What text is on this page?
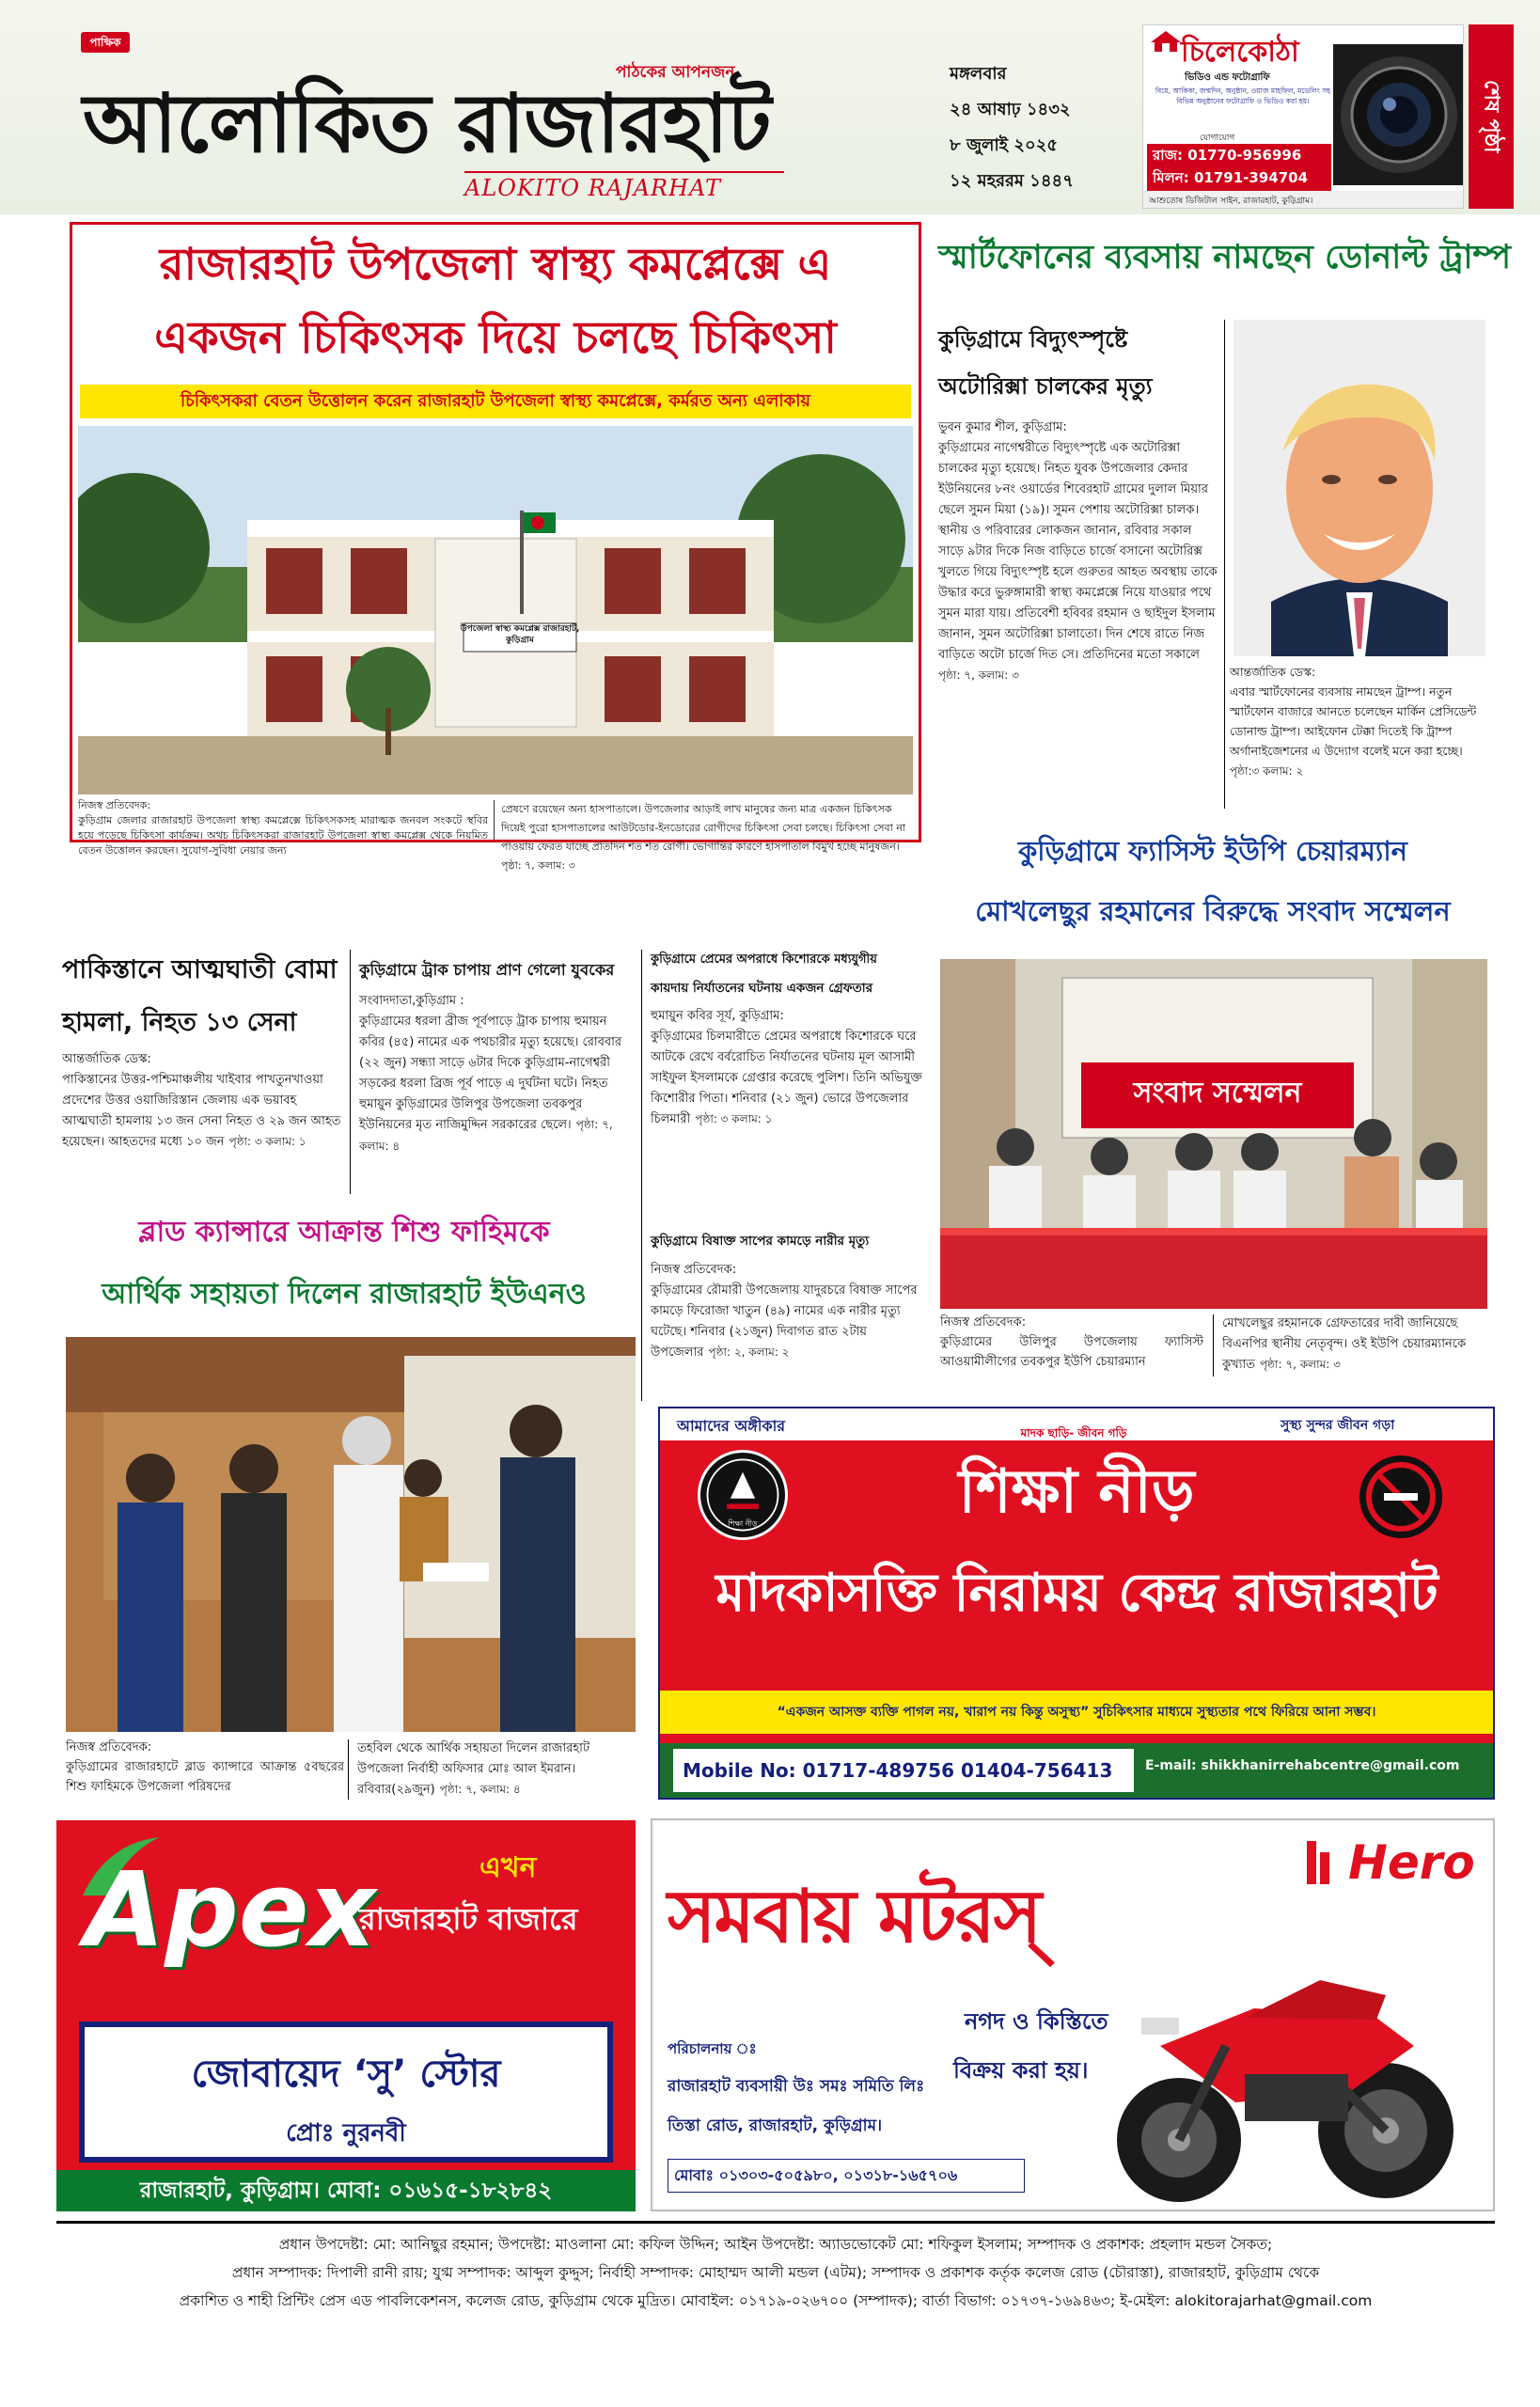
পাক্ষিক
পাঠকের আপনজন
আলোকিত রাজারহাট
ALOKITO RAJARHAT
মঙ্গলবার
২৪ আষাঢ় ১৪৩২
৮ জুলাই ২০২৫
১২ মহররম ১৪৪৭
চিলেকোঠা
ভিডিও এন্ড ফটোগ্রাফি
বিয়ে, আকিকা, জন্মদিন, অনুষ্ঠান, ওয়াজ মাহফিল, মডেলিং সহ বিভিন্ন অনুষ্ঠানের ফটোগ্রাফি ও ভিডিও করা হয়।
যোগাযোগ
রাজ: 01770-956996
মিলন: 01791-394704
আশুতোষ ডিজিটাল সাইন, রাজারহাট, কুড়িগ্রাম।
শেষ পৃষ্ঠা
রাজারহাট উপজেলা স্বাস্থ্য কমপ্লেক্সে এ
একজন চিকিৎসক দিয়ে চলছে চিকিৎসা
চিকিৎসকরা বেতন উত্তোলন করেন রাজারহাট উপজেলা স্বাস্থ্য কমপ্লেক্সে, কর্মরত অন্য এলাকায়
উপজেলা স্বাস্থ্য কমপ্লেক্স রাজারহাট, কুড়িগ্রাম
নিজস্ব প্রতিবেদক:
কুড়িগ্রাম জেলার রাজারহাট উপজেলা স্বাস্থ্য কমপ্লেক্সে চিকিৎসকসহ মারাত্মক জনবল সংকটে স্থবির হয়ে পড়েছে চিকিৎসা কার্যক্রম। অথচ চিকিৎসকরা রাজারহাট উপজেলা স্বাস্থ্য কমপ্লেক্স থেকে নিয়মিত বেতন উত্তোলন করছেন। সুযোগ-সুবিধা নেয়ার জন্য
প্রেষণে রয়েছেন অন্য হাসপাতালে। উপজেলার আড়াই লাখ মানুষের জন্য মাত্র একজন চিকিৎসক দিয়েই পুরো হাসপাতালের আউটডোর-ইনডোরের রোগীদের চিকিৎসা সেবা চলছে। চিকিৎসা সেবা না পাওয়ায় ফেরত যাচ্ছে প্রতিদিন শত শত রোগী। ভোগান্তির কারণে হাসপাতাল বিমুখ হচ্ছে মানুষজন। পৃষ্ঠা: ৭, কলাম: ৩
স্মার্টফোনের ব্যবসায় নামছেন ডোনাল্ট ট্রাম্প
আন্তর্জাতিক ডেস্ক:
এবার স্মার্টফোনের ব্যবসায় নামছেন ট্রাম্প। নতুন স্মার্টফোন বাজারে আনতে চলেছেন মার্কিন প্রেসিডেন্ট ডোনাল্ড ট্রাম্প। আইফোন টেক্কা দিতেই কি ট্রাম্প অর্গানাইজেশনের এ উদ্যোগ বলেই মনে করা হচ্ছে। পৃষ্ঠা:৩ কলাম: ২
কুড়িগ্রামে বিদ্যুৎস্পৃষ্টে
অটোরিক্সা চালকের মৃত্যু
ভুবন কুমার শীল, কুড়িগ্রাম:
কুড়িগ্রামের নাগেশ্বরীতে বিদ্যুৎস্পৃষ্টে এক অটোরিক্সা চালকের মৃত্যু হয়েছে। নিহত যুবক উপজেলার কেদার ইউনিয়নের ৮নং ওয়ার্ডের শিবেরহাট গ্রামের দুলাল মিয়ার ছেলে সুমন মিয়া (১৯)। সুমন পেশায় অটোরিক্সা চালক। স্থানীয় ও পরিবারের লোকজন জানান, রবিবার সকাল সাড়ে ৯টার দিকে নিজ বাড়িতে চার্জে বসানো অটোরিক্স খুলতে গিয়ে বিদ্যুৎস্পৃষ্ট হলে গুরুতর আহত অবস্থায় তাকে উদ্ধার করে ভুরুঙ্গামারী স্বাস্থ্য কমপ্লেক্সে নিয়ে যাওয়ার পথে সুমন মারা যায়। প্রতিবেশী হবিবর রহমান ও ছাইদুল ইসলাম জানান, সুমন অটোরিক্সা চালাতো। দিন শেষে রাতে নিজ বাড়িতে অটো চার্জে দিত সে। প্রতিদিনের মতো সকালে পৃষ্ঠা: ৭, কলাম: ৩
কুড়িগ্রামে ফ্যাসিস্ট ইউপি চেয়ারম্যান
মোখলেছুর রহমানের বিরুদ্ধে সংবাদ সম্মেলন
সংবাদ সম্মেলন
নিজস্ব প্রতিবেদক:
কুড়িগ্রামের উলিপুর উপজেলায় ফ্যাসিস্ট আওয়ামীলীগের তবকপুর ইউপি চেয়ারম্যান
মোখলেছুর রহমানকে গ্রেফতারের দাবী জানিয়েছে বিএনপির স্থানীয় নেতৃবৃন্দ। ওই ইউপি চেয়ারম্যানকে কুখ্যাত পৃষ্ঠা: ৭, কলাম: ৩
পাকিস্তানে আত্মঘাতী বোমা
হামলা, নিহত ১৩ সেনা
আন্তর্জাতিক ডেস্ক:
পাকিস্তানের উত্তর-পশ্চিমাঞ্চলীয় খাইবার পাখতুনখাওয়া প্রদেশের উত্তর ওয়াজিরিস্তান জেলায় এক ভয়াবহ আত্মঘাতী হামলায় ১৩ জন সেনা নিহত ও ২৯ জন আহত হয়েছেন। আহতদের মধ্যে ১০ জন পৃষ্ঠা: ৩ কলাম: ১
কুড়িগ্রামে ট্রাক চাপায় প্রাণ গেলো যুবকের
সংবাদদাতা,কুড়িগ্রাম :
কুড়িগ্রামের ধরলা ব্রীজ পূর্বপাড়ে ট্রাক চাপায় হুমায়ন কবির (৪৫) নামের এক পথচারীর মৃত্যু হয়েছে। রোববার (২২ জুন) সন্ধ্যা সাড়ে ৬টার দিকে কুড়িগ্রাম-নাগেশ্বরী সড়কের ধরলা ব্রিজ পূর্ব পাড়ে এ দুর্ঘটনা ঘটে। নিহত হুমায়ুন কুড়িগ্রামের উলিপুর উপজেলা তবকপুর ইউনিয়নের মৃত নাজিমুদ্দিন সরকারের ছেলে। পৃষ্ঠা: ৭, কলাম: ৪
কুড়িগ্রামে প্রেমের অপরাধে কিশোরকে মধ্যযুগীয়
কায়দায় নির্যাতনের ঘটনায় একজন গ্রেফতার
হুমায়ুন কবির সূর্য, কুড়িগ্রাম:
কুড়িগ্রামের চিলমারীতে প্রেমের অপরাধে কিশোরকে ঘরে আটকে রেখে বর্বরোচিত নির্যাতনের ঘটনায় মূল আসামী সাইফুল ইসলামকে গ্রেপ্তার করেছে পুলিশ। তিনি অভিযুক্ত কিশোরীর পিতা। শনিবার (২১ জুন) ভোরে উপজেলার চিলমারী পৃষ্ঠা: ৩ কলাম: ১
কুড়িগ্রামে বিষাক্ত সাপের কামড়ে নারীর মৃত্যু
নিজস্ব প্রতিবেদক:
কুড়িগ্রামের রৌমারী উপজেলায় যাদুরচরে বিষাক্ত সাপের কামড়ে ফিরোজা খাতুন (৪৯) নামের এক নারীর মৃত্যু ঘটেছে। শনিবার (২১জুন) দিবাগত রাত ২টায় উপজেলার পৃষ্ঠা: ২, কলাম: ২
ব্লাড ক্যান্সারে আক্রান্ত শিশু ফাহিমকে
আর্থিক সহায়তা দিলেন রাজারহাট ইউএনও
নিজস্ব প্রতিবেদক:
কুড়িগ্রামের রাজারহাটে ব্লাড ক্যান্সারে আক্রান্ত ৫বছরের শিশু ফাহিমকে উপজেলা পরিষদের
তহবিল থেকে আর্থিক সহায়তা দিলেন রাজারহাট উপজেলা নির্বাহী অফিসার মোঃ আল ইমরান। রবিবার(২৯জুন) পৃষ্ঠা: ৭, কলাম: ৪
আমাদের অঙ্গীকার	মাদক ছাড়ি- জীবন গড়ি	সুস্থ্য সুন্দর জীবন গড়া
শিক্ষা নীড়	শিক্ষা নীড়
মাদকাসক্তি নিরাময় কেন্দ্র রাজারহাট
“একজন আসক্ত ব্যক্তি পাগল নয়, খারাপ নয় কিন্তু অসুস্থ্য” সুচিকিৎসার মাধ্যমে সুস্থ্যতার পথে ফিরিয়ে আনা সম্ভব।
Mobile No: 01717-489756 01404-756413	E-mail: shikkhanirrehabcentre@gmail.com
Apex	এখন
রাজারহাট বাজারে
জোবায়েদ ‘সু’ স্টোর
প্রোঃ নুরনবী
রাজারহাট, কুড়িগ্রাম। মোবা: ০১৬১৫-১৮২৮৪২
সমবায় মটরস্
Hero
নগদ ও কিস্তিতে
বিক্রয় করা হয়।
পরিচালনায় ঃ
রাজারহাট ব্যবসায়ী উঃ সমঃ সমিতি লিঃ
তিস্তা রোড, রাজারহাট, কুড়িগ্রাম।
মোবাঃ ০১৩০৩-৫০৫৯৮০, ০১৩১৮-১৬৫৭০৬
প্রধান উপদেষ্টা: মো: আনিছুর রহমান; উপদেষ্টা: মাওলানা মো: কফিল উদ্দিন; আইন উপদেষ্টা: অ্যাডভোকেট মো: শফিকুল ইসলাম; সম্পাদক ও প্রকাশক: প্রহলাদ মন্ডল সৈকত;
প্রধান সম্পাদক: দিপালী রানী রায়; যুগ্ম সম্পাদক: আব্দুল কুদ্দুস; নির্বাহী সম্পাদক: মোহাম্মদ আলী মন্ডল (এটম); সম্পাদক ও প্রকাশক কর্তৃক কলেজ রোড (চৌরাস্তা), রাজারহাট, কুড়িগ্রাম থেকে
প্রকাশিত ও শাহী প্রিন্টিং প্রেস এড পাবলিকেশনস, কলেজ রোড, কুড়িগ্রাম থেকে মুদ্রিত। মোবাইল: ০১৭১৯-০২৬৭০০ (সম্পাদক); বার্তা বিভাগ: ০১৭৩৭-১৬৯৪৬৩; ই-মেইল: alokitorajarhat@gmail.com
